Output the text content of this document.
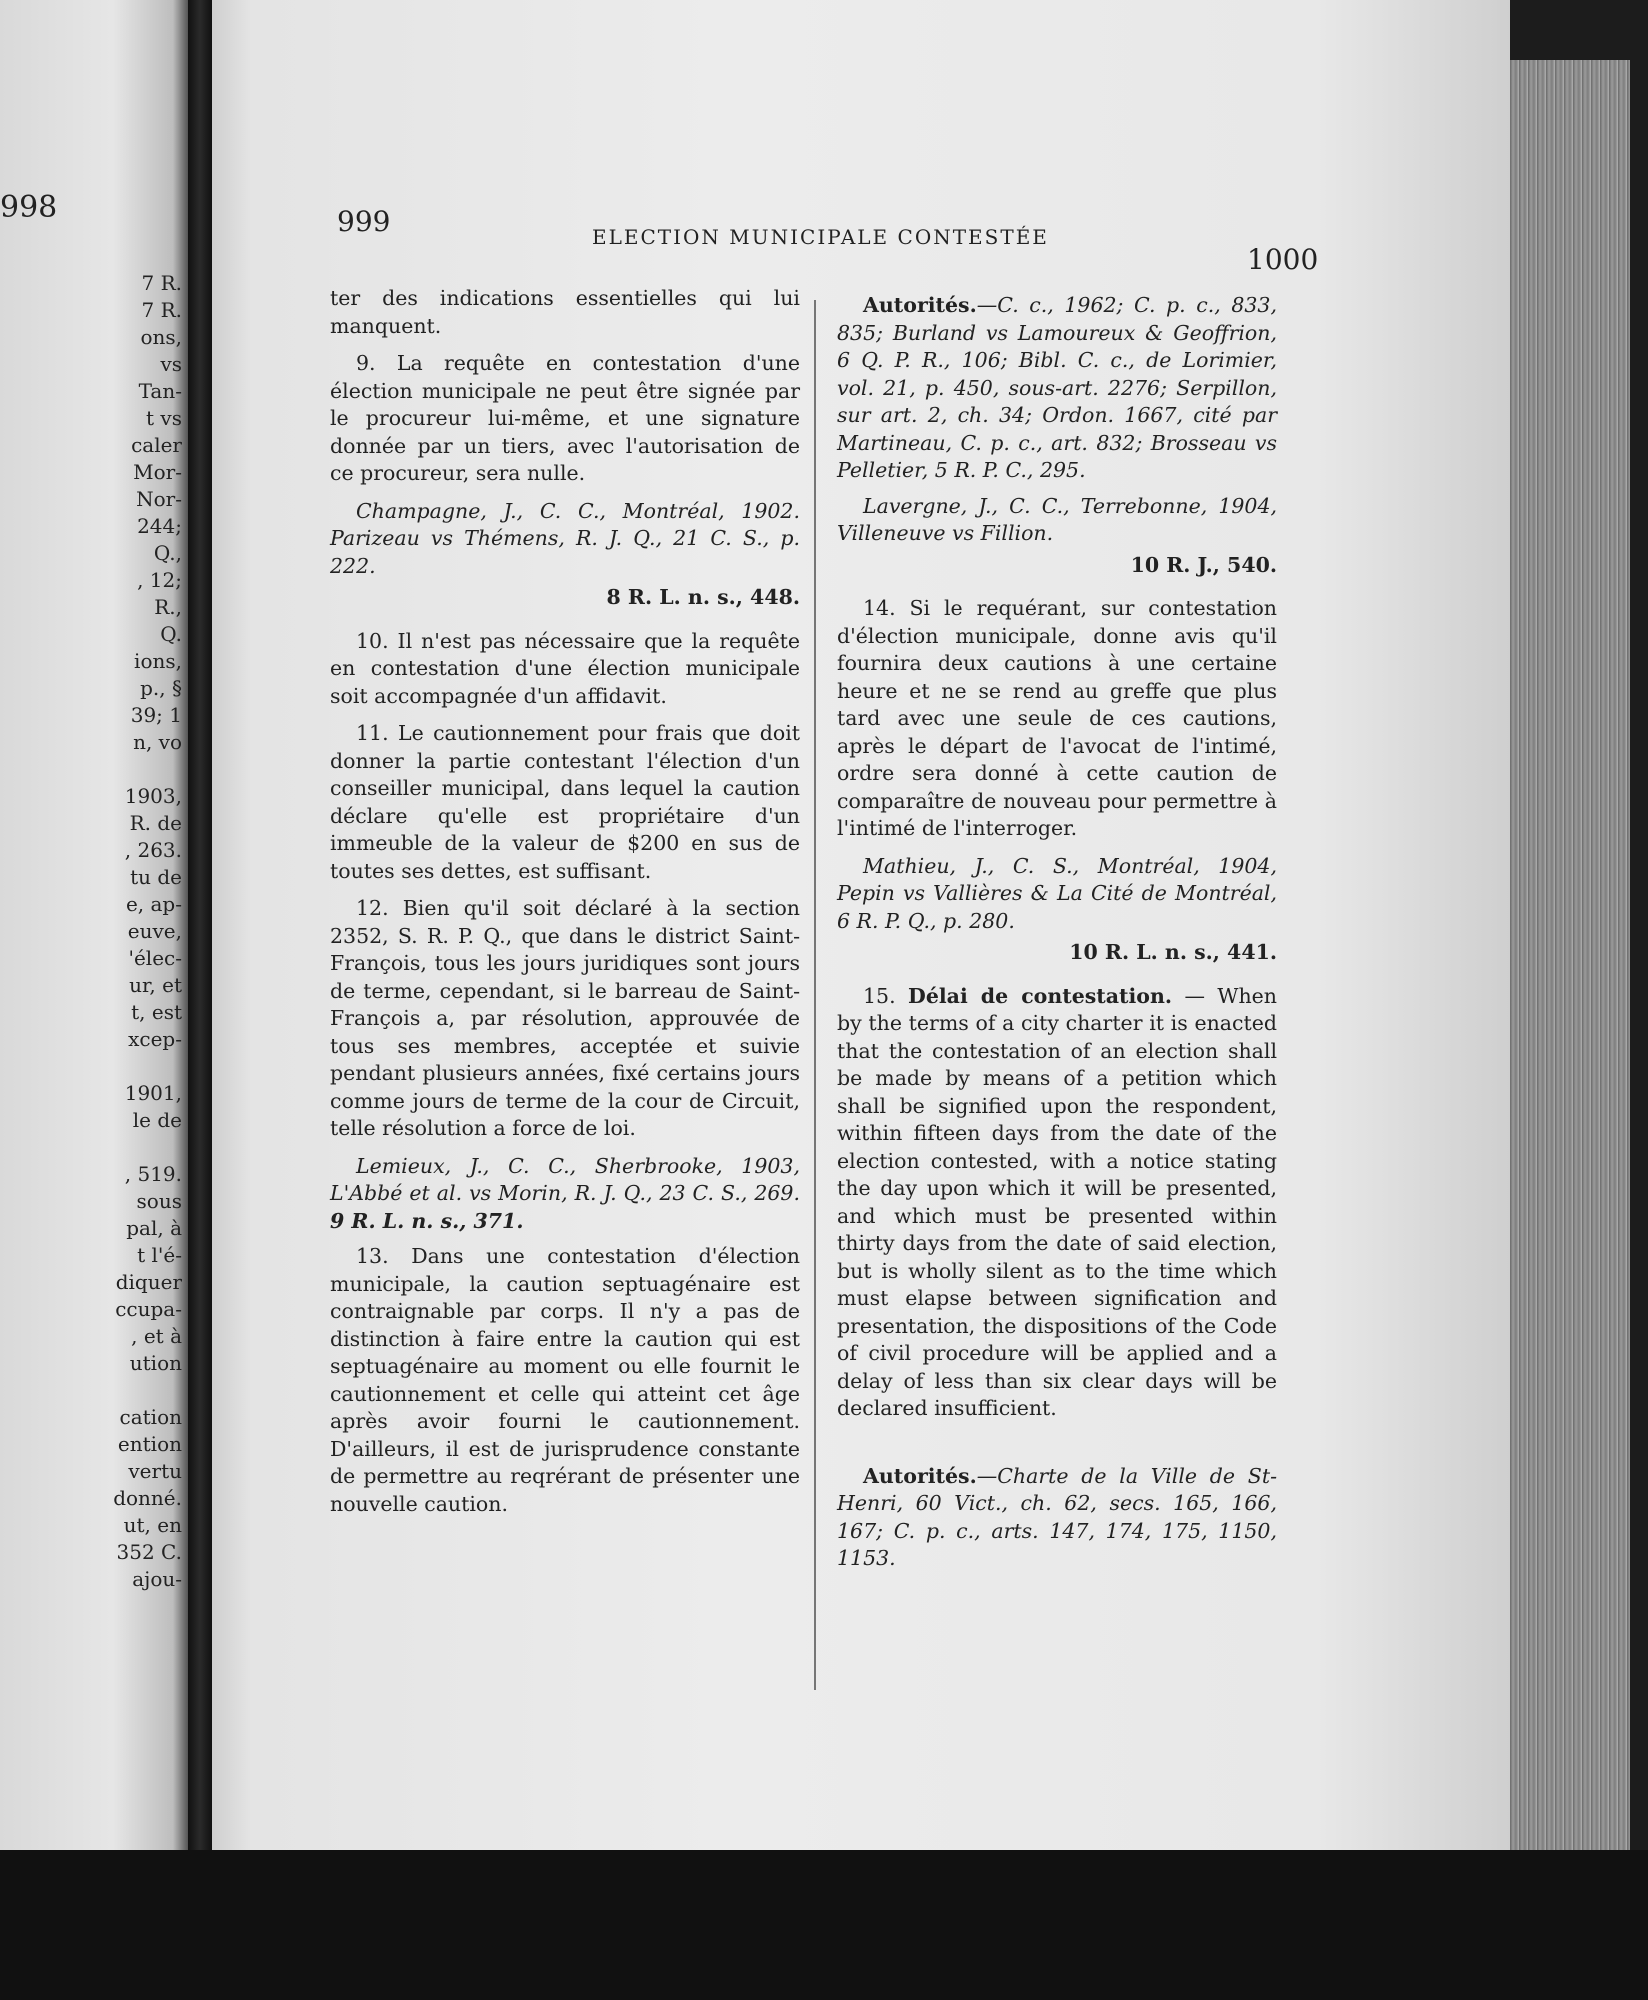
998
7 R.
7 R.
ons,
vs
Tan-
t vs
caler
Mor-
Nor-
244;
Q.,
, 12;
R.,
Q.
ions,
p., §
39; 1
n, vo

1903,
R. de
, 263.
tu de
e, ap-
euve,
'élec-
ur, et
t, est
xcep-

1901,
le de

, 519.
sous
pal, à
t l'é-
diquer
ccupa-
, et à
ution

cation
ention
vertu
donné.
ut, en
352 C.
ajou-
999	ELECTION MUNICIPALE CONTESTÉE
1000

ter des indications essentielles qui lui manquent.

9. La requête en contestation d'une élection municipale ne peut être signée par le procureur lui-même, et une signature donnée par un tiers, avec l'autorisation de ce procureur, sera nulle.

Champagne, J., C. C., Montréal, 1902. Parizeau vs Thémens, R. J. Q., 21 C. S., p. 222.
8 R. L. n. s., 448.

10. Il n'est pas nécessaire que la requête en contestation d'une élection municipale soit accompagnée d'un affidavit.

11. Le cautionnement pour frais que doit donner la partie contestant l'élection d'un conseiller municipal, dans lequel la caution déclare qu'elle est propriétaire d'un immeuble de la valeur de $200 en sus de toutes ses dettes, est suffisant.

12. Bien qu'il soit déclaré à la section 2352, S. R. P. Q., que dans le district Saint-François, tous les jours juridiques sont jours de terme, cependant, si le barreau de Saint-François a, par résolution, approuvée de tous ses membres, acceptée et suivie pendant plusieurs années, fixé certains jours comme jours de terme de la cour de Circuit, telle résolution a force de loi.

Lemieux, J., C. C., Sherbrooke, 1903, L'Abbé et al. vs Morin, R. J. Q., 23 C. S., 269. 9 R. L. n. s., 371.

13. Dans une contestation d'élection municipale, la caution septuagénaire est contraignable par corps. Il n'y a pas de distinction à faire entre la caution qui est septuagénaire au moment ou elle fournit le cautionnement et celle qui atteint cet âge après avoir fourni le cautionnement. D'ailleurs, il est de jurisprudence constante de permettre au reqrérant de présenter une nouvelle caution.

Autorités.—C. c., 1962; C. p. c., 833, 835; Burland vs Lamoureux & Geoffrion, 6 Q. P. R., 106; Bibl. C. c., de Lorimier, vol. 21, p. 450, sous-art. 2276; Serpillon, sur art. 2, ch. 34; Ordon. 1667, cité par Martineau, C. p. c., art. 832; Brosseau vs Pelletier, 5 R. P. C., 295.
Lavergne, J., C. C., Terrebonne, 1904, Villeneuve vs Fillion.
10 R. J., 540.

14. Si le requérant, sur contestation d'élection municipale, donne avis qu'il fournira deux cautions à une certaine heure et ne se rend au greffe que plus tard avec une seule de ces cautions, après le départ de l'avocat de l'intimé, ordre sera donné à cette caution de comparaître de nouveau pour permettre à l'intimé de l'interroger.

Mathieu, J., C. S., Montréal, 1904, Pepin vs Vallières & La Cité de Montréal, 6 R. P. Q., p. 280.
10 R. L. n. s., 441.

15. Délai de contestation. — When by the terms of a city charter it is enacted that the contestation of an election shall be made by means of a petition which shall be signified upon the respondent, within fifteen days from the date of the election contested, with a notice stating the day upon which it will be presented, and which must be presented within thirty days from the date of said election, but is wholly silent as to the time which must elapse between signification and presentation, the dispositions of the Code of civil procedure will be applied and a delay of less than six clear days will be declared insufficient.

Autorités.—Charte de la Ville de St-Henri, 60 Vict., ch. 62, secs. 165, 166, 167; C. p. c., arts. 147, 174, 175, 1150, 1153.
